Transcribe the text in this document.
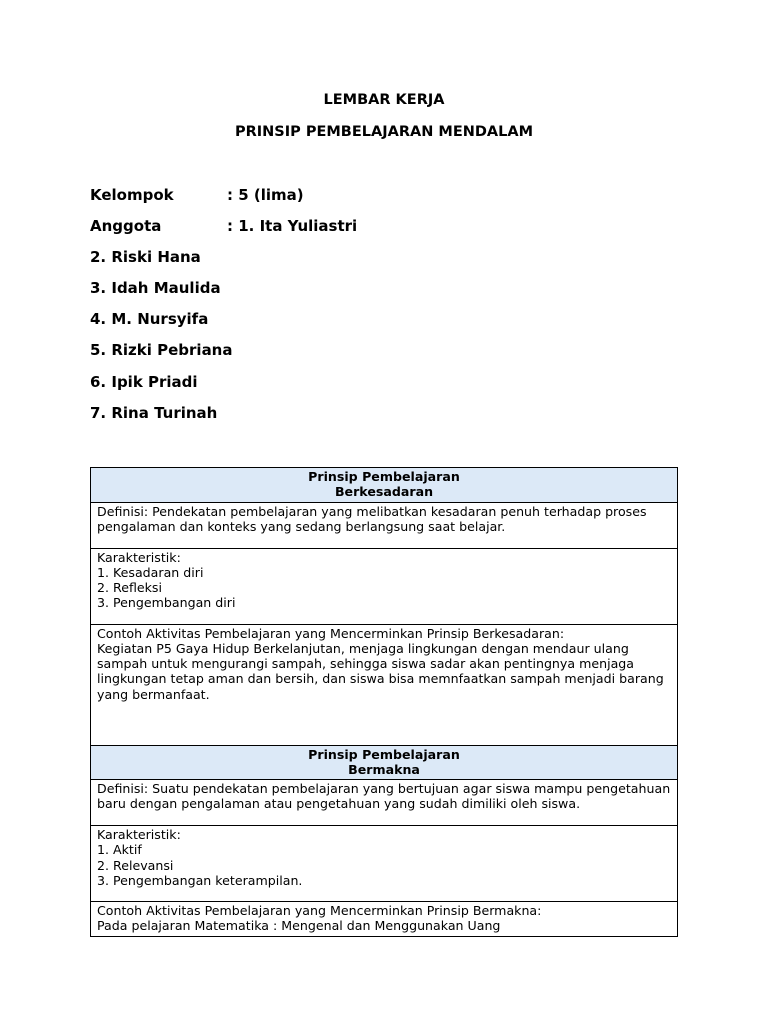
LEMBAR KERJA
PRINSIP PEMBELAJARAN MENDALAM
Kelompok	: 5 (lima)
Anggota	: 1. Ita Yuliastri
2. Riski Hana
3. Idah Maulida
4. M. Nursyifa
5. Rizki Pebriana
6. Ipik Priadi
7. Rina Turinah
Prinsip Pembelajaran
Berkesadaran

Definisi: Pendekatan pembelajaran yang melibatkan kesadaran penuh terhadap proses
pengalaman dan konteks yang sedang berlangsung saat belajar.

Karakteristik:
1. Kesadaran diri
2. Refleksi
3. Pengembangan diri

Contoh Aktivitas Pembelajaran yang Mencerminkan Prinsip Berkesadaran:
Kegiatan P5 Gaya Hidup Berkelanjutan, menjaga lingkungan dengan mendaur ulang
sampah untuk mengurangi sampah, sehingga siswa sadar akan pentingnya menjaga
lingkungan tetap aman dan bersih, dan siswa bisa memnfaatkan sampah menjadi barang
yang bermanfaat.

Prinsip Pembelajaran
Bermakna

Definisi: Suatu pendekatan pembelajaran yang bertujuan agar siswa mampu pengetahuan
baru dengan pengalaman atau pengetahuan yang sudah dimiliki oleh siswa.

Karakteristik:
1. Aktif
2. Relevansi
3. Pengembangan keterampilan.

Contoh Aktivitas Pembelajaran yang Mencerminkan Prinsip Bermakna:
Pada pelajaran Matematika : Mengenal dan Menggunakan Uang
